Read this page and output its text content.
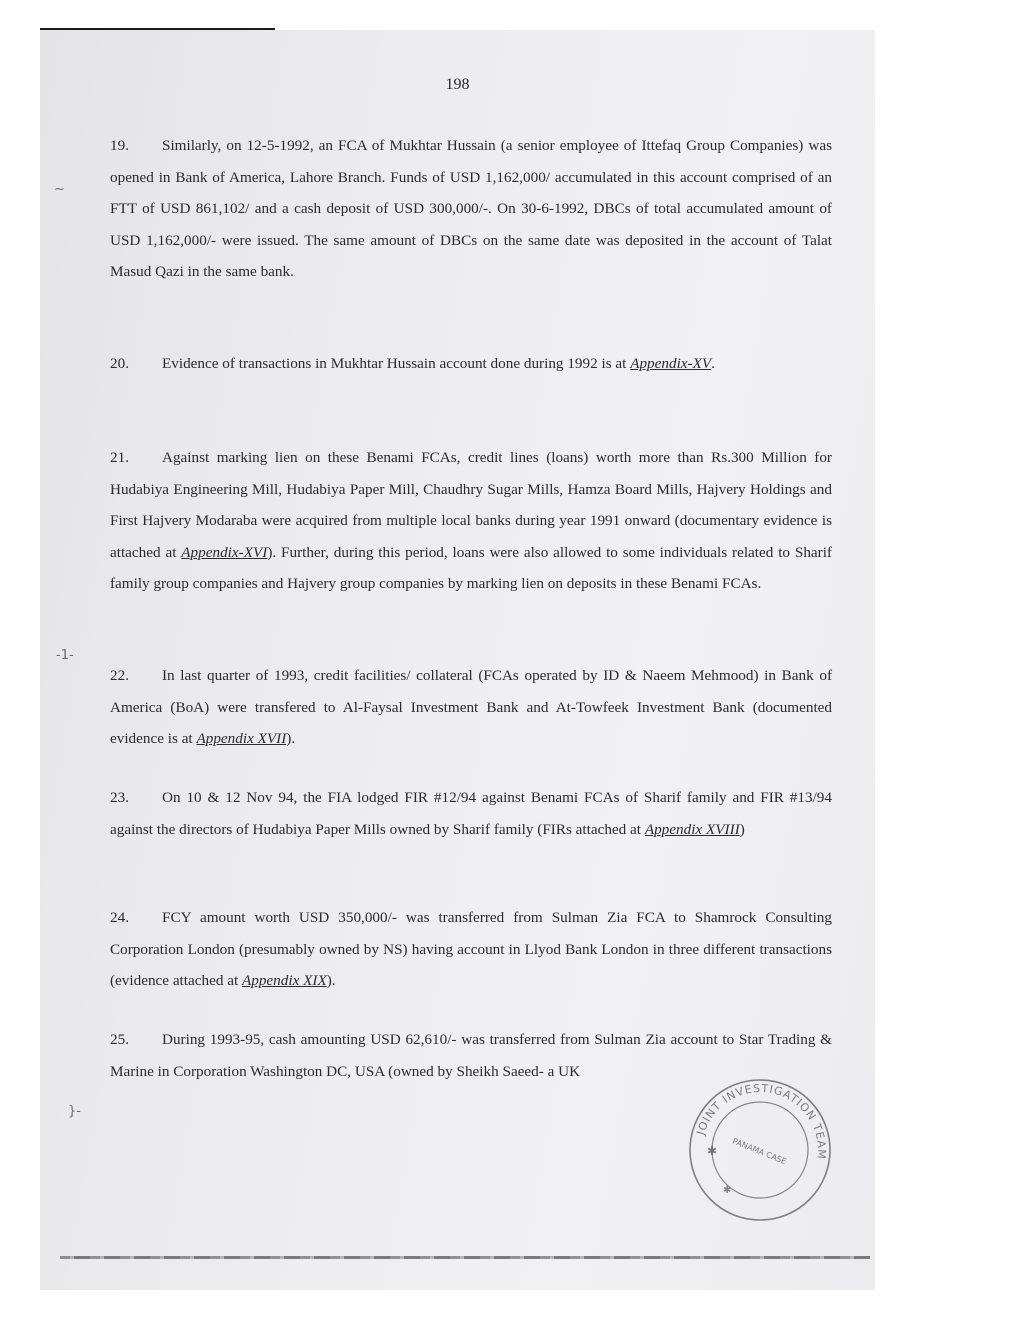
198

19. Similarly, on 12-5-1992, an FCA of Mukhtar Hussain (a senior employee of Ittefaq Group Companies) was opened in Bank of America, Lahore Branch. Funds of USD 1,162,000/ accumulated in this account comprised of an FTT of USD 861,102/ and a cash deposit of USD 300,000/-. On 30-6-1992, DBCs of total accumulated amount of USD 1,162,000/- were issued. The same amount of DBCs on the same date was deposited in the account of Talat Masud Qazi in the same bank.

20. Evidence of transactions in Mukhtar Hussain account done during 1992 is at Appendix-XV.

21. Against marking lien on these Benami FCAs, credit lines (loans) worth more than Rs.300 Million for Hudabiya Engineering Mill, Hudabiya Paper Mill, Chaudhry Sugar Mills, Hamza Board Mills, Hajvery Holdings and First Hajvery Modaraba were acquired from multiple local banks during year 1991 onward (documentary evidence is attached at Appendix-XVI). Further, during this period, loans were also allowed to some individuals related to Sharif family group companies and Hajvery group companies by marking lien on deposits in these Benami FCAs.

22. In last quarter of 1993, credit facilities/ collateral (FCAs operated by ID & Naeem Mehmood) in Bank of America (BoA) were transfered to Al-Faysal Investment Bank and At-Towfeek Investment Bank (documented evidence is at Appendix XVII).

23. On 10 & 12 Nov 94, the FIA lodged FIR #12/94 against Benami FCAs of Sharif family and FIR #13/94 against the directors of Hudabiya Paper Mills owned by Sharif family (FIRs attached at Appendix XVIII)

24. FCY amount worth USD 350,000/- was transferred from Sulman Zia FCA to Shamrock Consulting Corporation London (presumably owned by NS) having account in Llyod Bank London in three different transactions (evidence attached at Appendix XIX).

25. During 1993-95, cash amounting USD 62,610/- was transferred from Sulman Zia account to Star Trading & Marine in Corporation Washington DC, USA (owned by Sheikh Saeed- a UK

~
-1-
}-
JOINT INVESTIGATION TEAM
PANAMA CASE
✱
✱
